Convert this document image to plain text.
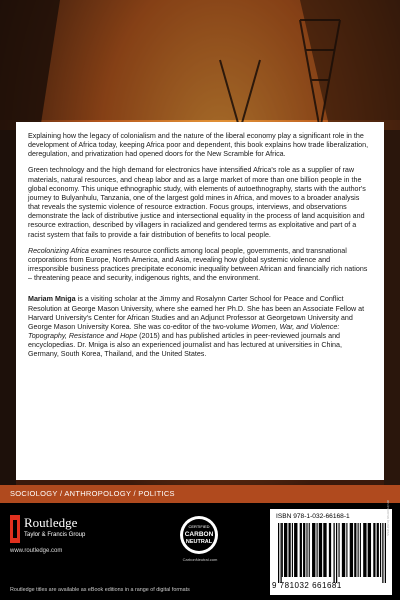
Explaining how the legacy of colonialism and the nature of the liberal economy play a significant role in the development of Africa today, keeping Africa poor and dependent, this book explains how trade liberalization, deregulation, and privatization had opened doors for the New Scramble for Africa.

Green technology and the high demand for electronics have intensified Africa's role as a supplier of raw materials, natural resources, and cheap labor and as a large market of more than one billion people in the global economy. This unique ethnographic study, with elements of autoethnography, starts with the author's journey to Bulyanhulu, Tanzania, one of the largest gold mines in Africa, and moves to a broader analysis that reveals the systemic violence of resource extraction. Focus groups, interviews, and observations demonstrate the lack of distributive justice and intersectional equality in the process of land acquisition and resource extraction, described by villagers in racialized and gendered terms as exploitative and part of a racist system that fails to provide a fair distribution of benefits to local people.

Recolonizing Africa examines resource conflicts among local people, governments, and transnational corporations from Europe, North America, and Asia, revealing how global systemic violence and irresponsible business practices precipitate economic inequality between African and financially rich nations – threatening peace and security, indigenous rights, and the environment.

Mariam Mniga is a visiting scholar at the Jimmy and Rosalynn Carter School for Peace and Conflict Resolution at George Mason University, where she earned her Ph.D. She has been an Associate Fellow at Harvard University's Center for African Studies and an Adjunct Professor at Georgetown University and George Mason University Korea. She was co-editor of the two-volume Women, War, and Violence: Topography, Resistance and Hope (2015) and has published articles in peer-reviewed journals and encyclopedias. Dr. Mniga is also an experienced journalist and has lectured at universities in China, Germany, South Korea, Thailand, and the United States.

SOCIOLOGY / ANTHROPOLOGY / POLITICS
Routledge
Taylor & Francis Group
www.routledge.com
Routledge titles are available as eBook editions in a range of digital formats
CERTIFIED
CARBON
NEUTRAL
CarbonNeutral.com
ISBN 978-1-032-66168-1
9 781032 661681
an informa business
